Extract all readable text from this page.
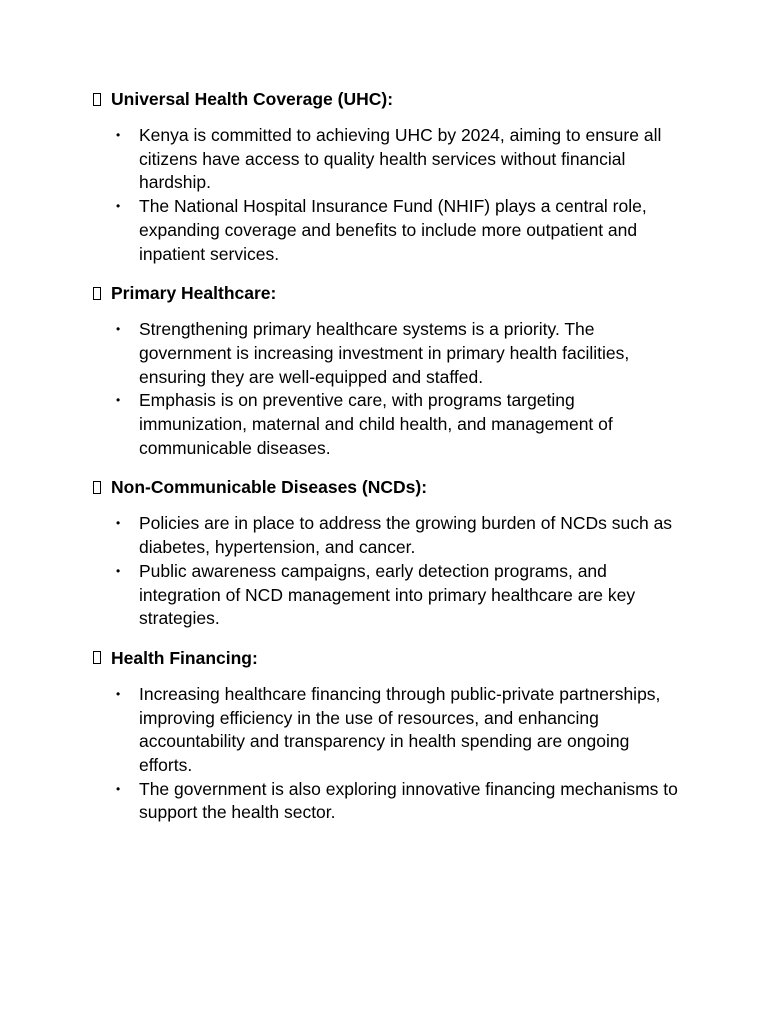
Universal Health Coverage (UHC):
• Kenya is committed to achieving UHC by 2024, aiming to ensure all citizens have access to quality health services without financial hardship.
• The National Hospital Insurance Fund (NHIF) plays a central role, expanding coverage and benefits to include more outpatient and inpatient services.
Primary Healthcare:
• Strengthening primary healthcare systems is a priority. The government is increasing investment in primary health facilities, ensuring they are well-equipped and staffed.
• Emphasis is on preventive care, with programs targeting immunization, maternal and child health, and management of communicable diseases.
Non-Communicable Diseases (NCDs):
• Policies are in place to address the growing burden of NCDs such as diabetes, hypertension, and cancer.
• Public awareness campaigns, early detection programs, and integration of NCD management into primary healthcare are key strategies.
Health Financing:
• Increasing healthcare financing through public-private partnerships, improving efficiency in the use of resources, and enhancing accountability and transparency in health spending are ongoing efforts.
• The government is also exploring innovative financing mechanisms to support the health sector.
